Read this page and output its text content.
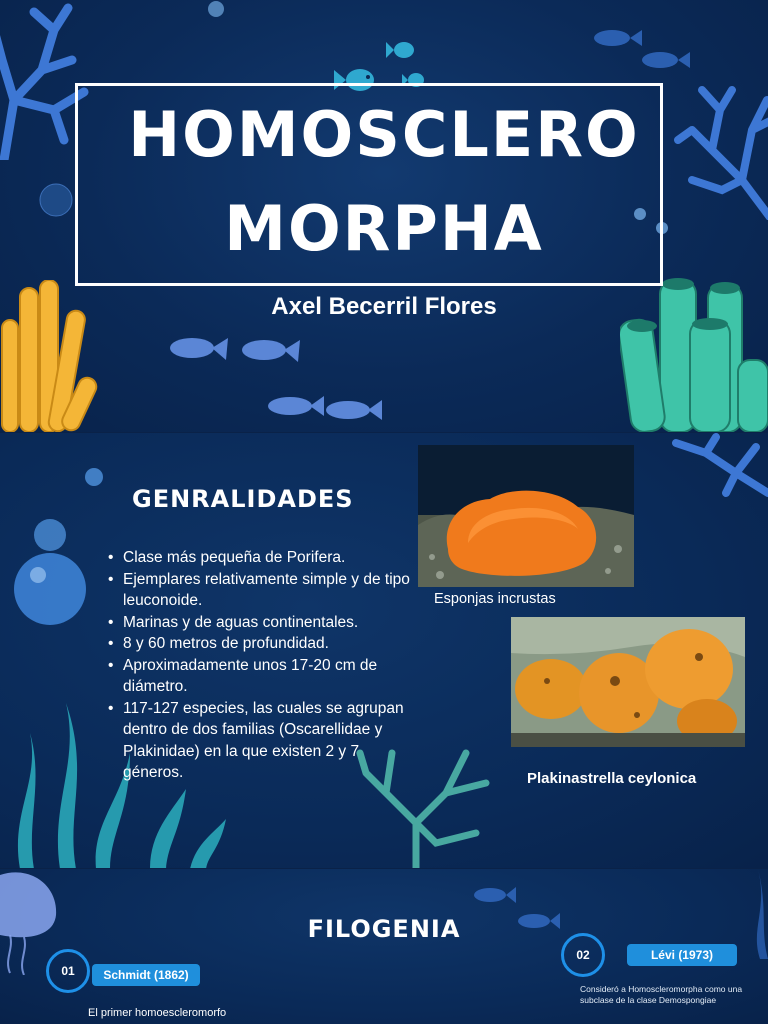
HOMOSCLERO
MORPHA
Axel Becerril Flores
GENRALIDADES
• Clase más pequeña de Porifera.
• Ejemplares relativamente simple y de tipo leuconoide.
• Marinas y de aguas continentales.
• 8 y 60 metros de profundidad.
• Aproximadamente unos 17-20 cm de diámetro.
• 117-127 especies, las cuales se agrupan dentro de dos familias (Oscarellidae y Plakinidae) en la que existen 2 y 7 géneros.
Esponjas incrustas
Plakinastrella ceylonica
FILOGENIA
01	Schmidt (1862)
El primer homoescleromorfo
02	Lévi (1973)
Consideró a Homoscleromorpha como una subclase de la clase Demospongiae
